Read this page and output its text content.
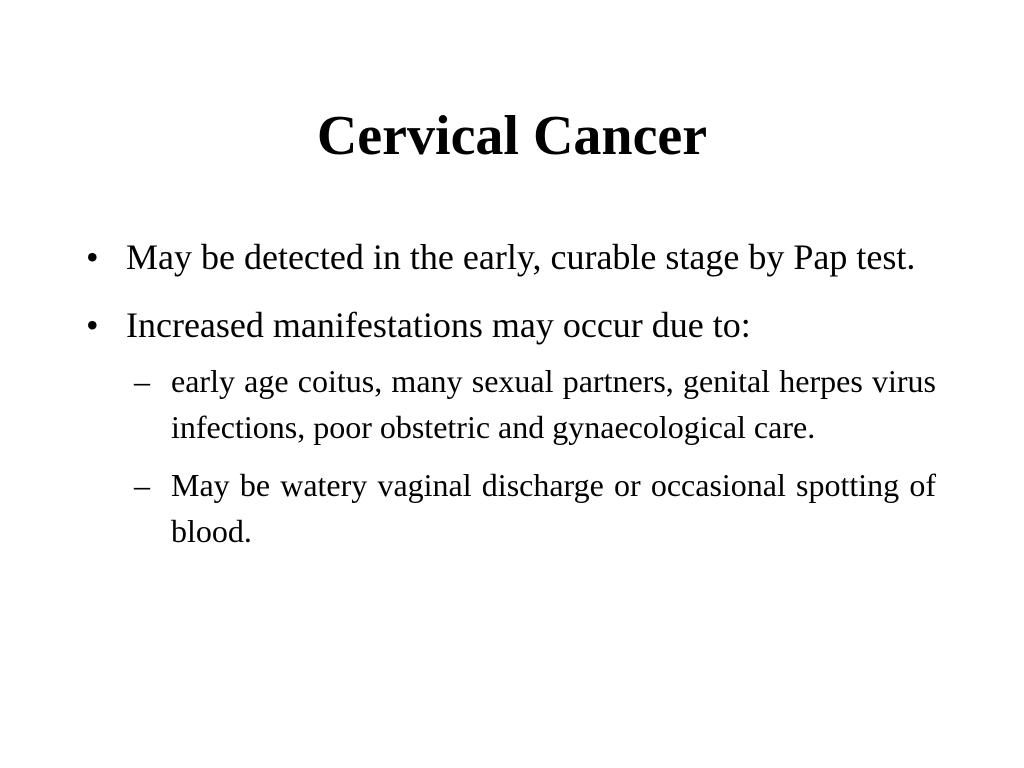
Cervical Cancer
• May be detected in the early, curable stage by Pap test.
• Increased manifestations may occur due to:
– early age coitus, many sexual partners, genital herpes virus infections, poor obstetric and gynaecological care.
– May be watery vaginal discharge or occasional spotting of blood.
